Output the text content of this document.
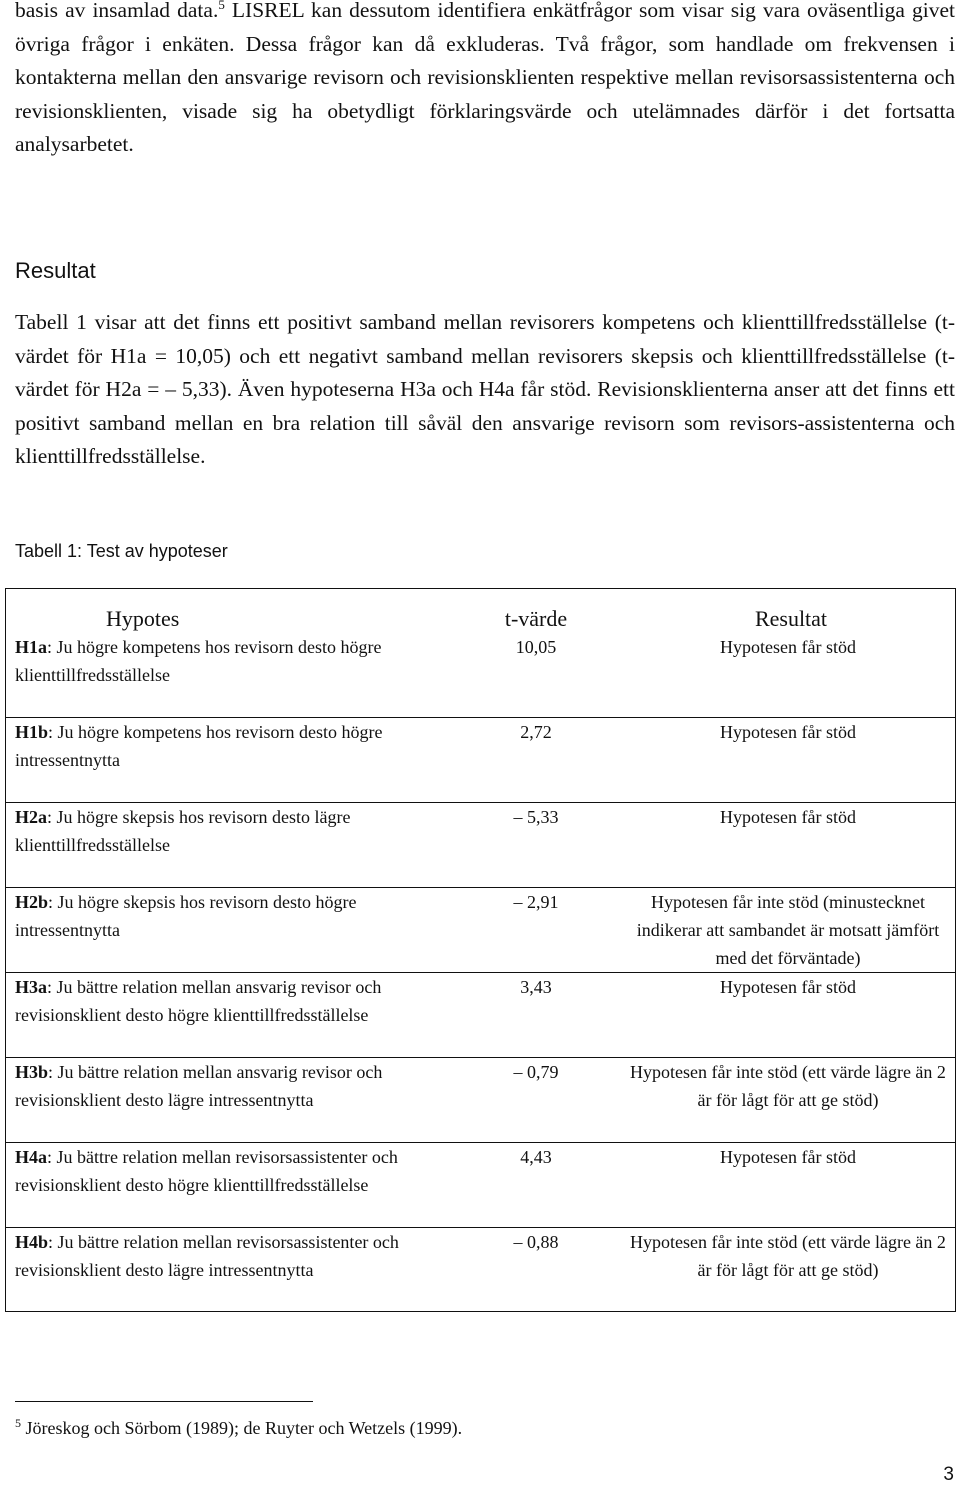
basis av insamlad data.$^5$ LISREL kan dessutom identifiera enkätfrågor som visar sig vara oväsentliga givet övriga frågor i enkäten. Dessa frågor kan då exkluderas. Två frågor, som handlade om frekvensen i kontakterna mellan den ansvarige revisorn och revisionsklienten respektive mellan revisorsassistenterna och revisionsklienten, visade sig ha obetydligt förklaringsvärde och utelämnades därför i det fortsatta analysarbetet.

Resultat

Tabell 1 visar att det finns ett positivt samband mellan revisorers kompetens och klienttillfredsställelse (t-värdet för H1a = 10,05) och ett negativt samband mellan revisorers skepsis och klienttillfredsställelse (t-värdet för H2a = – 5,33). Även hypoteserna H3a och H4a får stöd. Revisionsklienterna anser att det finns ett positivt samband mellan en bra relation till såväl den ansvarige revisorn som revisors-assistenterna och klienttillfredsställelse.

Tabell 1: Test av hypoteser
Hypotes	t-värde	Resultat
H1a: Ju högre kompetens hos revisorn desto högre klienttillfredsställelse	10,05	Hypotesen får stöd
H1b: Ju högre kompetens hos revisorn desto högre intressentnytta	2,72	Hypotesen får stöd
H2a: Ju högre skepsis hos revisorn desto lägre klienttillfredsställelse	– 5,33	Hypotesen får stöd
H2b: Ju högre skepsis hos revisorn desto högre intressentnytta	– 2,91	Hypotesen får inte stöd (minustecknet indikerar att sambandet är motsatt jämfört med det förväntade)
H3a: Ju bättre relation mellan ansvarig revisor och revisionsklient desto högre klienttillfredsställelse	3,43	Hypotesen får stöd
H3b: Ju bättre relation mellan ansvarig revisor och revisionsklient desto lägre intressentnytta	– 0,79	Hypotesen får inte stöd (ett värde lägre än 2 är för lågt för att ge stöd)
H4a: Ju bättre relation mellan revisorsassistenter och revisionsklient desto högre klienttillfredsställelse	4,43	Hypotesen får stöd
H4b: Ju bättre relation mellan revisorsassistenter och revisionsklient desto lägre intressentnytta	– 0,88	Hypotesen får inte stöd (ett värde lägre än 2 är för lågt för att ge stöd)
$^5$ Jöreskog och Sörbom (1989); de Ruyter och Wetzels (1999).
3
